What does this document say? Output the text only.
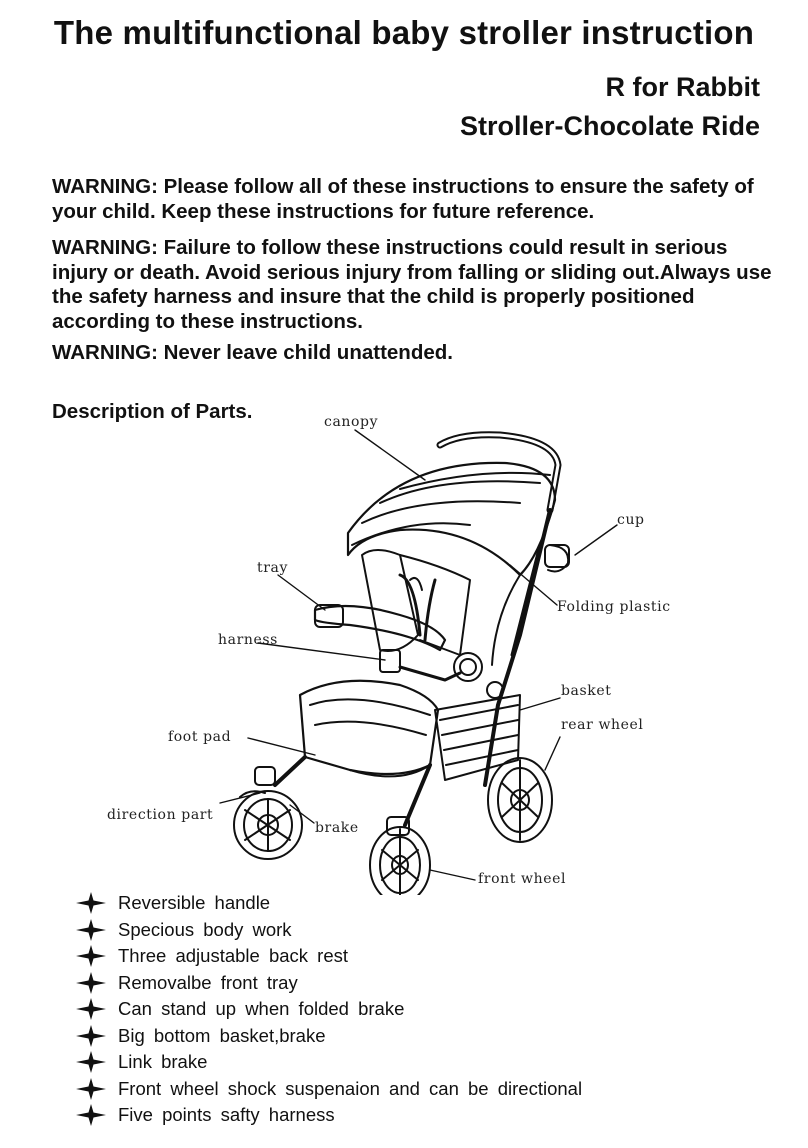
The multifunctional baby stroller instruction
R for Rabbit
Stroller-Chocolate Ride
WARNING: Please follow all of these instructions to ensure the safety of your child. Keep these instructions for future reference.
WARNING: Failure to follow these instructions could result in serious injury or death. Avoid serious injury from falling or sliding out.Always use the safety harness and insure that the child is properly positioned according to these instructions.
WARNING: Never leave child unattended.
Description of Parts.	canopy
cup
tray
Folding plastic
harness
basket
rear wheel
foot pad
direction part
brake
front wheel
Reversible handle
Specious body work
Three adjustable back rest
Removalbe front tray
Can stand up when folded brake
Big bottom basket,brake
Link brake
Front wheel shock suspenaion and can be directional
Five points safty harness
